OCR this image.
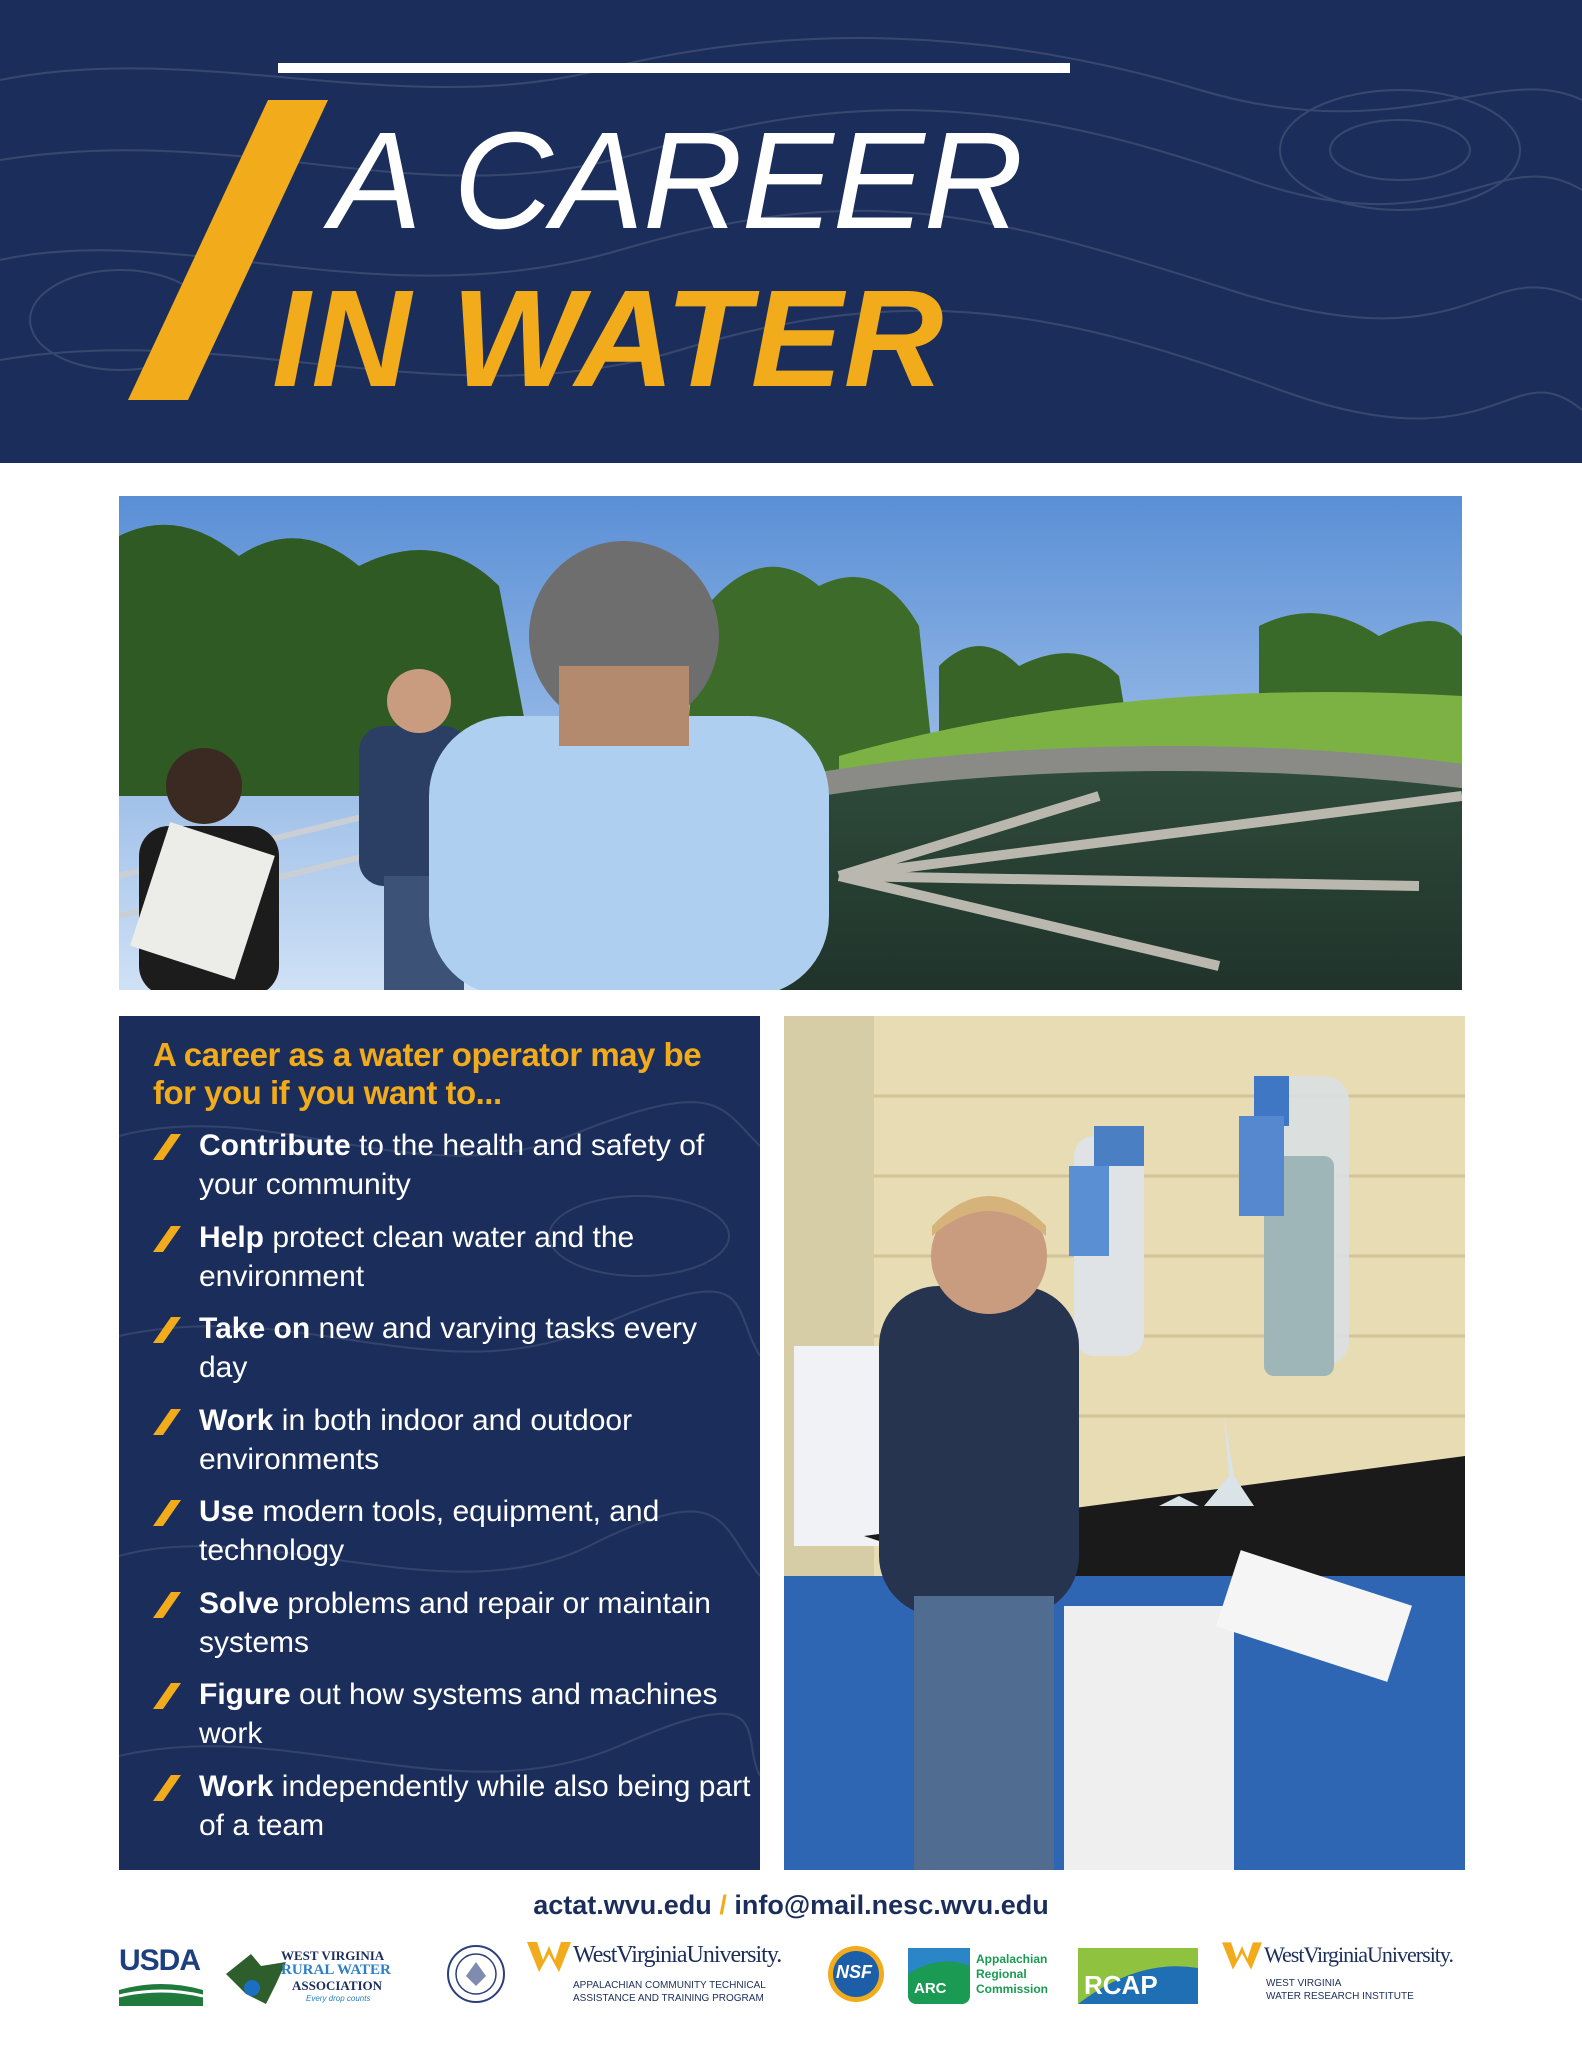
A CAREER
IN WATER
A career as a water operator may be for you if you want to...
Contribute to the health and safety of your community
Help protect clean water and the environment
Take on new and varying tasks every day
Work in both indoor and outdoor environments
Use modern tools, equipment, and technology
Solve problems and repair or maintain systems
Figure out how systems and machines work
Work independently while also being part of a team
actat.wvu.edu / info@mail.nesc.wvu.edu
USDA	WEST VIRGINIA
RURAL WATER
ASSOCIATION
Every drop counts
WestVirginiaUniversity.
APPALACHIAN COMMUNITY TECHNICAL
ASSISTANCE AND TRAINING PROGRAM
NSF
ARC
Appalachian
Regional
Commission RCAP
WestVirginiaUniversity.
WEST VIRGINIA
WATER RESEARCH INSTITUTE
